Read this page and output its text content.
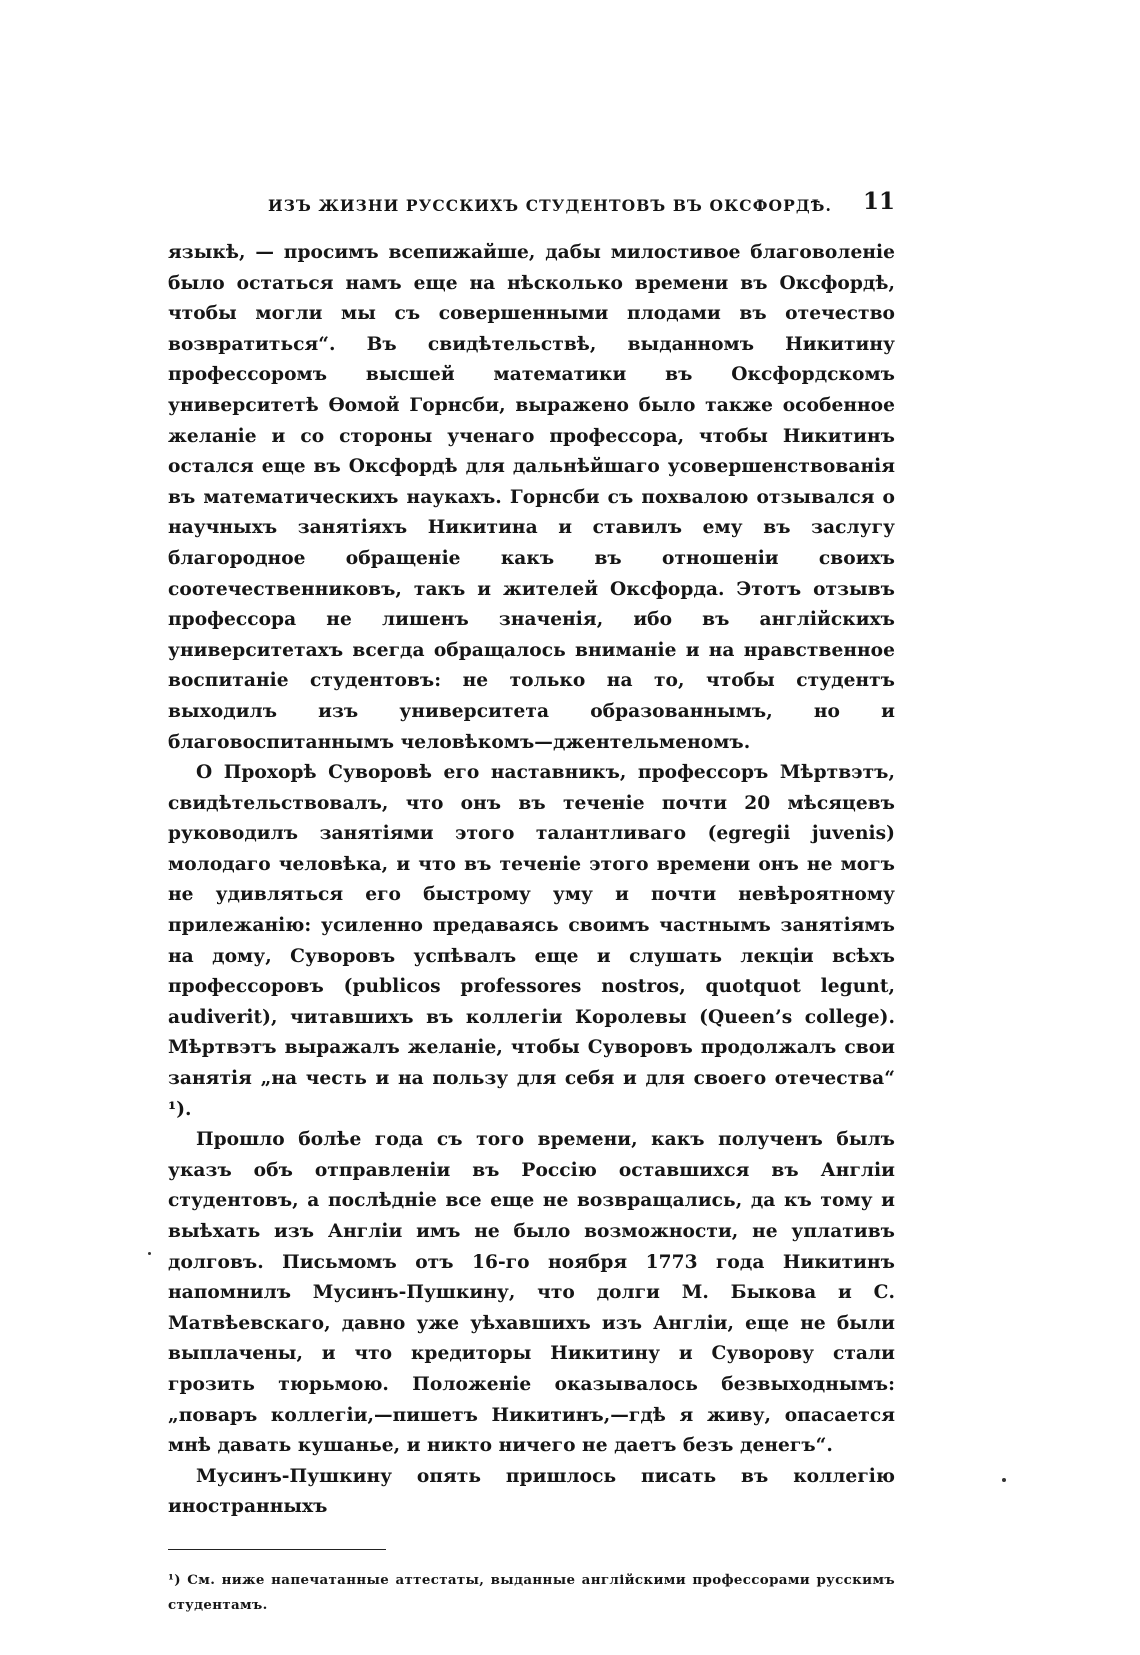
ИЗЪ ЖИЗНИ РУССКИХЪ СТУДЕНТОВЪ ВЪ ОКСФОРДѢ. 11

языкѣ, — просимъ всепижайше, дабы милостивое благоволеніе было остаться намъ еще на нѣсколько времени въ Оксфордѣ, чтобы могли мы съ совершенными плодами въ отечество возвратиться“. Въ свидѣтельствѣ, выданномъ Никитину профессоромъ высшей математики въ Оксфордскомъ университетѣ Ѳомой Горнсби, выражено было также особенное желаніе и со стороны ученаго профессора, чтобы Никитинъ остался еще въ Оксфордѣ для дальнѣйшаго усовершенствованія въ математическихъ наукахъ. Горнсби съ похвалою отзывался о научныхъ занятіяхъ Никитина и ставилъ ему въ заслугу благородное обращеніе какъ въ отношеніи своихъ соотечественниковъ, такъ и жителей Оксфорда. Этотъ отзывъ профессора не лишенъ значенія, ибо въ англійскихъ университетахъ всегда обращалось вниманіе и на нравственное воспитаніе студентовъ: не только на то, чтобы студентъ выходилъ изъ университета образованнымъ, но и благовоспитаннымъ человѣкомъ—джентельменомъ.

О Прохорѣ Суворовѣ его наставникъ, профессоръ Мѣртвэтъ, свидѣтельствовалъ, что онъ въ теченіе почти 20 мѣсяцевъ руководилъ занятіями этого талантливаго (egregii juvenis) молодаго человѣка, и что въ теченіе этого времени онъ не могъ не удивляться его быстрому уму и почти невѣроятному прилежанію: усиленно предаваясь своимъ частнымъ занятіямъ на дому, Суворовъ успѣвалъ еще и слушать лекціи всѣхъ профессоровъ (publicos professores nostros, quotquot legunt, audiverit), читавшихъ въ коллегіи Королевы (Queen’s college). Мѣртвэтъ выражалъ желаніе, чтобы Суворовъ продолжалъ свои занятія „на честь и на пользу для себя и для своего отечества“ ¹).

Прошло болѣе года съ того времени, какъ полученъ былъ указъ объ отправленіи въ Россію оставшихся въ Англіи студентовъ, а послѣдніе все еще не возвращались, да къ тому и выѣхать изъ Англіи имъ не было возможности, не уплативъ долговъ. Письмомъ отъ 16-го ноября 1773 года Никитинъ напомнилъ Мусинъ-Пушкину, что долги М. Быкова и С. Матвѣевскаго, давно уже уѣхавшихъ изъ Англіи, еще не были выплачены, и что кредиторы Никитину и Суворову стали грозить тюрьмою. Положеніе оказывалось безвыходнымъ: „поваръ коллегіи,—пишетъ Никитинъ,—гдѣ я живу, опасается мнѣ давать кушанье, и никто ничего не даетъ безъ денегъ“.

Мусинъ-Пушкину опять пришлось писать въ коллегію иностранныхъ

¹) См. ниже напечатанные аттестаты, выданные англійскими профессорами русскимъ студентамъ.
